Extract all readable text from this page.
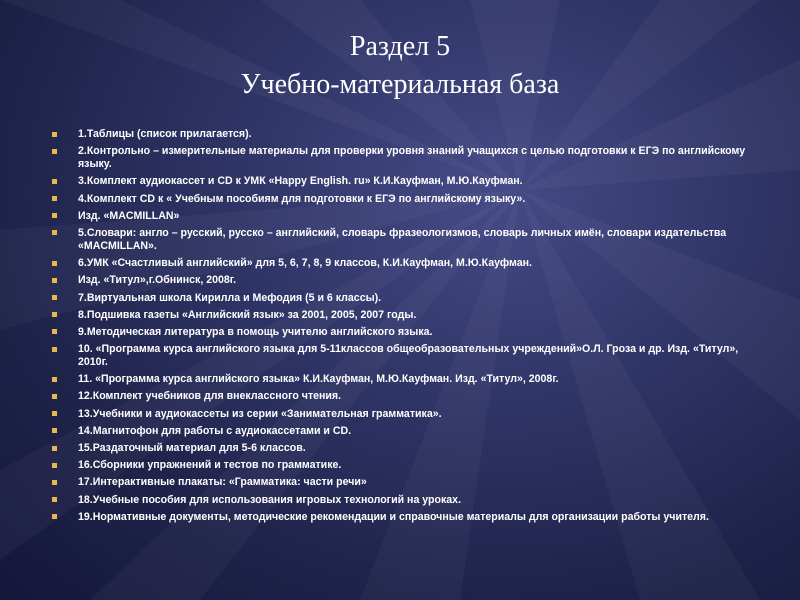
Раздел 5
Учебно-материальная база
1.Таблицы (список прилагается).
2.Контрольно – измерительные материалы для проверки уровня знаний учащихся с целью подготовки к ЕГЭ по английскому языку.
3.Комплект аудиокассет и CD к УМК «Happy English. ru» К.И.Кауфман, М.Ю.Кауфман.
4.Комплект CD к « Учебным пособиям для подготовки к ЕГЭ по английскому языку».
Изд. «MACMILLAN»
5.Словари: англо – русский, русско – английский, словарь фразеологизмов, словарь личных имён, словари издательства «MACMILLAN».
6.УМК «Счастливый английский» для 5, 6, 7, 8, 9 классов, К.И.Кауфман, М.Ю.Кауфман.
Изд. «Титул»,г.Обнинск, 2008г.
7.Виртуальная школа Кирилла и Мефодия (5 и 6 классы).
8.Подшивка газеты «Английский язык» за 2001, 2005, 2007 годы.
9.Методическая литература в помощь учителю английского языка.
10. «Программа курса английского языка для 5-11классов общеобразовательных учреждений»О.Л. Гроза и др. Изд. «Титул», 2010г.
11. «Программа курса английского языка» К.И.Кауфман, М.Ю.Кауфман. Изд. «Титул», 2008г.
12.Комплект учебников для внеклассного чтения.
13.Учебники и аудиокассеты из серии «Занимательная грамматика».
14.Магнитофон для работы с аудиокассетами и CD.
15.Раздаточный материал для 5-6 классов.
16.Сборники упражнений и тестов по грамматике.
17.Интерактивные плакаты: «Грамматика: части речи»
18.Учебные пособия для использования игровых технологий на уроках.
19.Нормативные документы, методические рекомендации и справочные материалы для организации работы учителя.
